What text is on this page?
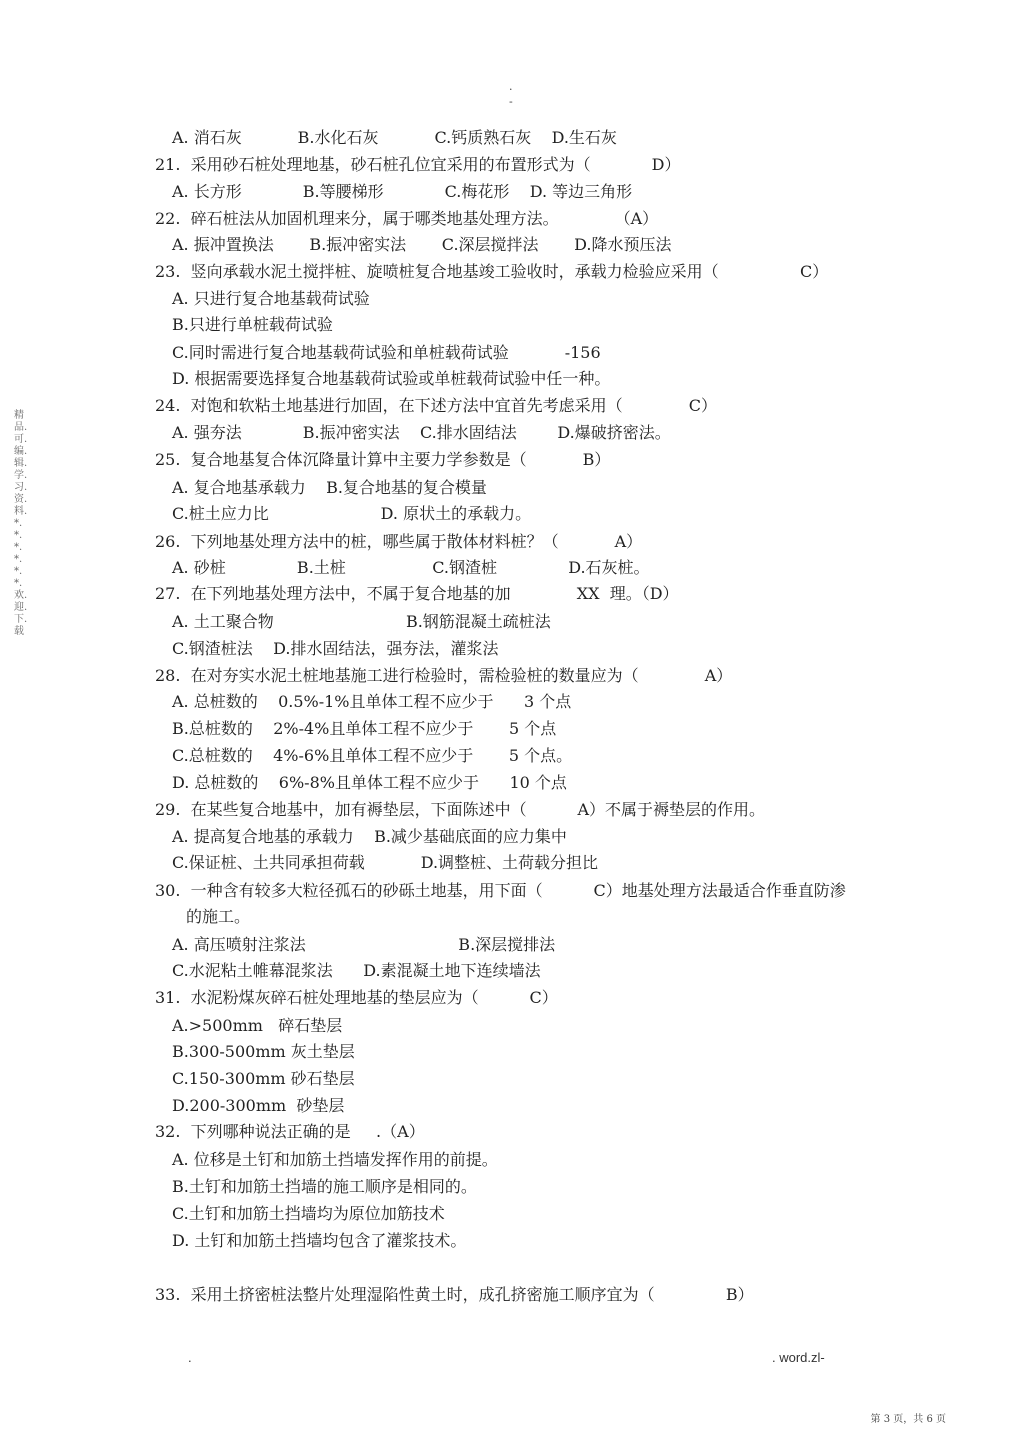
.
-
精品.可.编.辑.学.习.资.料.*.*.*.*.*.*.欢.迎.下.载
A. 消石灰           B.水化石灰           C.钙质熟石灰    D.生石灰
21.  采用砂石桩处理地基，砂石桩孔位宜采用的布置形式为（            D）
A. 长方形            B.等腰梯形            C.梅花形    D. 等边三角形
22.  碎石桩法从加固机理来分，属于哪类地基处理方法。           （A）
A. 振冲置换法       B.振冲密实法       C.深层搅拌法       D.降水预压法
23.  竖向承载水泥土搅拌桩、旋喷桩复合地基竣工验收时，承载力检验应采用（                C）
A. 只进行复合地基载荷试验
B.只进行单桩载荷试验
C.同时需进行复合地基载荷试验和单桩载荷试验           -156
D. 根据需要选择复合地基载荷试验或单桩载荷试验中任一种。
24.  对饱和软粘土地基进行加固，在下述方法中宜首先考虑采用（             C）
A. 强夯法            B.振冲密实法    C.排水固结法        D.爆破挤密法。
25.  复合地基复合体沉降量计算中主要力学参数是（           B）
A. 复合地基承载力    B.复合地基的复合模量
C.桩土应力比                      D. 原状土的承载力。
26.  下列地基处理方法中的桩，哪些属于散体材料桩？（           A）
A. 砂桩              B.土桩                 C.钢渣桩              D.石灰桩。
27.  在下列地基处理方法中，不属于复合地基的加             XX  理。（D）
A. 土工聚合物                          B.钢筋混凝土疏桩法
C.钢渣桩法    D.排水固结法，强夯法，灌浆法
28.  在对夯实水泥土桩地基施工进行检验时，需检验桩的数量应为（             A）
A. 总桩数的    0.5%-1%且单体工程不应少于      3 个点
B.总桩数的    2%-4%且单体工程不应少于       5 个点
C.总桩数的    4%-6%且单体工程不应少于       5 个点。
D. 总桩数的    6%-8%且单体工程不应少于      10 个点
29.  在某些复合地基中，加有褥垫层，下面陈述中（          A）不属于褥垫层的作用。
A. 提高复合地基的承载力    B.减少基础底面的应力集中
C.保证桩、土共同承担荷载           D.调整桩、土荷载分担比
30.  一种含有较多大粒径孤石的砂砾土地基，用下面（          C）地基处理方法最适合作垂直防渗
的施工。
A. 高压喷射注浆法                              B.深层搅排法
C.水泥粘土帷幕混浆法      D.素混凝土地下连续墙法
31.  水泥粉煤灰碎石桩处理地基的垫层应为（          C）
A.>500mm   碎石垫层
B.300-500mm 灰土垫层
C.150-300mm 砂石垫层
D.200-300mm  砂垫层
32.  下列哪种说法正确的是     .（A）
A. 位移是土钉和加筋土挡墙发挥作用的前提。
B.土钉和加筋土挡墙的施工顺序是相同的。
C.土钉和加筋土挡墙均为原位加筋技术
D. 土钉和加筋土挡墙均包含了灌浆技术。
33.  采用土挤密桩法整片处理湿陷性黄土时，成孔挤密施工顺序宜为（              B）
.	. word.zl-
第 3 页，共 6 页
